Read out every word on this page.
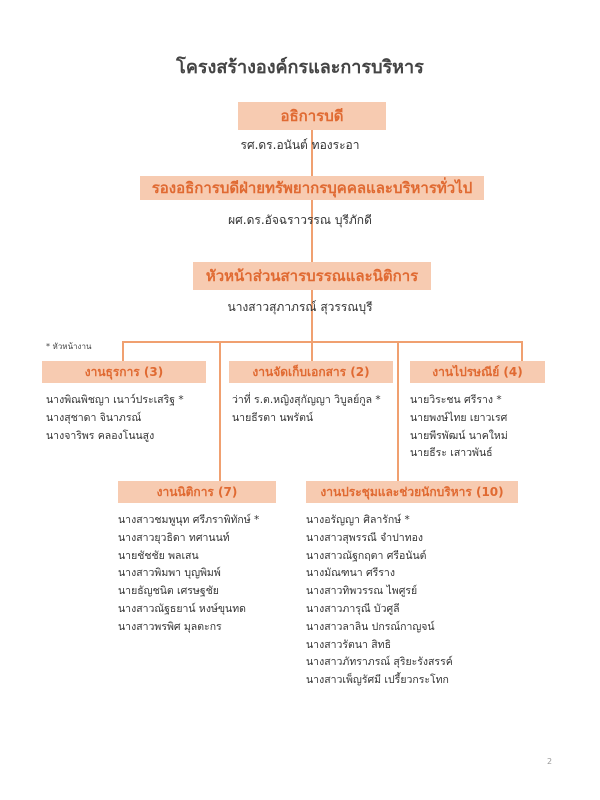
โครงสร้างองค์กรและการบริหาร
อธิการบดี
รศ.ดร.อนันต์ ทองระอา
รองอธิการบดีฝ่ายทรัพยากรบุคคลและบริหารทั่วไป
ผศ.ดร.อัจฉราวรรณ บุรีภักดี
หัวหน้าส่วนสารบรรณและนิติการ
นางสาวสุภาภรณ์ สุวรรณบุรี
* หัวหน้างาน
งานธุรการ (3)	งานจัดเก็บเอกสาร (2)	งานไปรษณีย์ (4)
นางพิณพิชญา เนาว์ประเสริฐ *
นางสุชาดา จินาภรณ์
นางจาริพร คลองโนนสูง
ว่าที่ ร.ต.หญิงสุกัญญา วิบูลย์กูล *
นายธีรตา นพรัตน์
นายวิระชน ศรีราง *
นายพงษ์ไทย เยาวเรศ
นายพีรพัฒน์ นาคใหม่
นายธีระ เสาวพันธ์
งานนิติการ (7)	งานประชุมและช่วยนักบริหาร (10)
นางสาวชมพูนุท ศรีภราพิทักษ์ *
นางสาวยุวธิดา ทศานนท์
นายชัชชัย พลเสน
นางสาวพิมพา บุญพิมพ์
นายธัญชนิต เศรษฐชัย
นางสาวณัฐธยาน์ หงษ์ขุนทด
นางสาวพรพิศ มุลตะกร
นางอรัญญา ศิลารักษ์ *
นางสาวสุพรรณี จำปาทอง
นางสาวณัฐกฤตา ศรีอนันต์
นางมัณฑนา ศรีราง
นางสาวทิพวรรณ ไพศูรย์
นางสาวภารุณี บัวศูลี
นางสาวลาลิน ปกรณ์กาญจน์
นางสาวรัตนา สิทธิ
นางสาวภัทราภรณ์ สุริยะรังสรรค์
นางสาวเพ็ญรัศมี เปรี้ยวกระโทก
2
